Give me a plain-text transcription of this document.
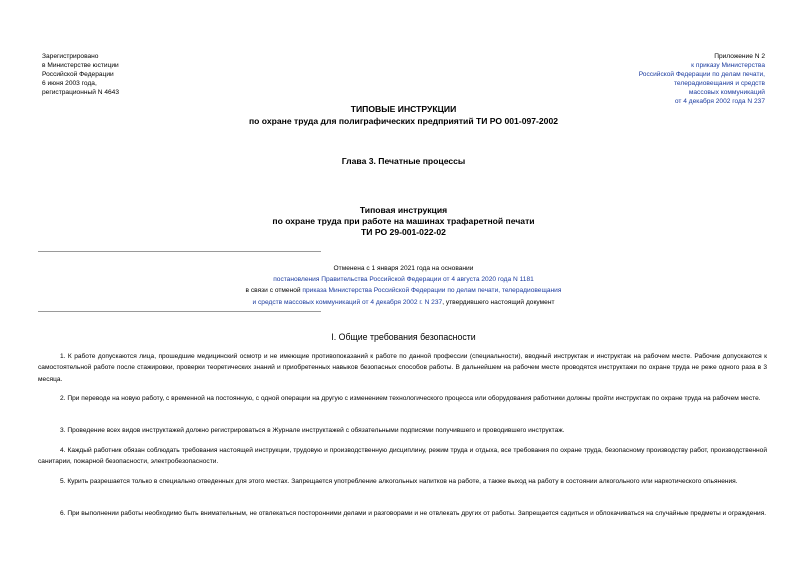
Зарегистрировано
в Министерстве юстиции
Российской Федерации
6 июня 2003 года,
регистрационный N 4643
Приложение N 2
к приказу Министерства
Российской Федерации по делам печати,
телерадиовещания и средств
массовых коммуникаций
от 4 декабря 2002 года N 237
ТИПОВЫЕ ИНСТРУКЦИИ
по охране труда для полиграфических предприятий ТИ РО 001-097-2002
Глава 3. Печатные процессы
Типовая инструкция
по охране труда при работе на машинах трафаретной печати
ТИ РО 29-001-022-02
Отменена с 1 января 2021 года на основании
постановления Правительства Российской Федерации от 4 августа 2020 года N 1181
в связи с отменой приказа Министерства Российской Федерации по делам печати, телерадиовещания
и средств массовых коммуникаций от 4 декабря 2002 г. N 237, утвердившего настоящий документ
I. Общие требования безопасности

1. К работе допускаются лица, прошедшие медицинский осмотр и не имеющие противопоказаний к работе по данной профессии (специальности), вводный инструктаж и инструктаж на рабочем месте. Рабочие допускаются к самостоятельной работе после стажировки, проверки теоретических знаний и приобретенных навыков безопасных способов работы. В дальнейшем на рабочем месте проводятся инструктажи по охране труда не реже одного раза в 3 месяца.

2. При переводе на новую работу, с временной на постоянную, с одной операции на другую с изменением технологического процесса или оборудования работники должны пройти инструктаж по охране труда на рабочем месте.

3. Проведение всех видов инструктажей должно регистрироваться в Журнале инструктажей с обязательными подписями получившего и проводившего инструктаж.

4. Каждый работник обязан соблюдать требования настоящей инструкции, трудовую и производственную дисциплину, режим труда и отдыха, все требования по охране труда, безопасному производству работ, производственной санитарии, пожарной безопасности, электробезопасности.

5. Курить разрешается только в специально отведенных для этого местах. Запрещается употребление алкогольных напитков на работе, а также выход на работу в состоянии алкогольного или наркотического опьянения.

6. При выполнении работы необходимо быть внимательным, не отвлекаться посторонними делами и разговорами и не отвлекать других от работы. Запрещается садиться и облокачиваться на случайные предметы и ограждения.
